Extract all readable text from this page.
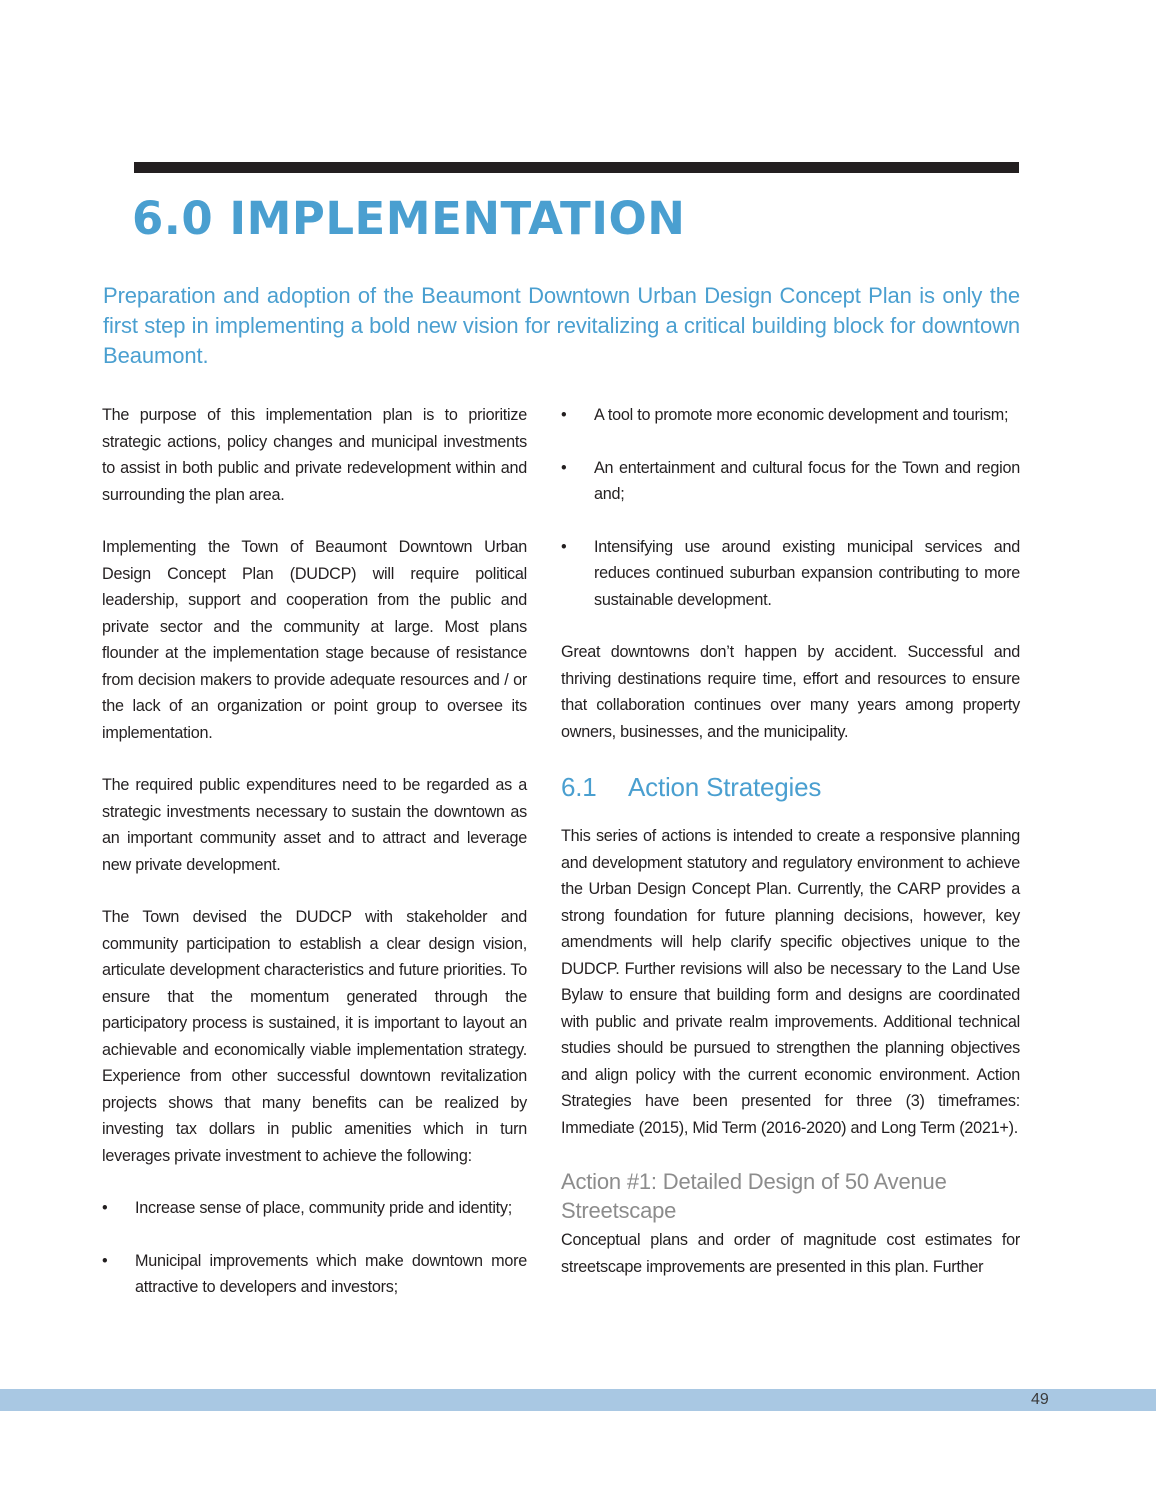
6.0 IMPLEMENTATION

Preparation and adoption of the Beaumont Downtown Urban Design Concept Plan is only the first step in implementing a bold new vision for revitalizing a critical building block for downtown Beaumont.

The purpose of this implementation plan is to prioritize strategic actions, policy changes and municipal investments to assist in both public and private redevelopment within and surrounding the plan area.

Implementing the Town of Beaumont Downtown Urban Design Concept Plan (DUDCP) will require political leadership, support and cooperation from the public and private sector and the community at large. Most plans flounder at the implementation stage because of resistance from decision makers to provide adequate resources and / or the lack of an organization or point group to oversee its implementation.

The required public expenditures need to be regarded as a strategic investments necessary to sustain the downtown as an important community asset and to attract and leverage new private development.

The Town devised the DUDCP with stakeholder and community participation to establish a clear design vision, articulate development characteristics and future priorities. To ensure that the momentum generated through the participatory process is sustained, it is important to layout an achievable and economically viable implementation strategy. Experience from other successful downtown revitalization projects shows that many benefits can be realized by investing tax dollars in public amenities which in turn leverages private investment to achieve the following:

• Increase sense of place, community pride and identity;
• Municipal improvements which make downtown more attractive to developers and investors;
• A tool to promote more economic development and tourism;
• An entertainment and cultural focus for the Town and region and;
• Intensifying use around existing municipal services and reduces continued suburban expansion contributing to more sustainable development.

Great downtowns don’t happen by accident. Successful and thriving destinations require time, effort and resources to ensure that collaboration continues over many years among property owners, businesses, and the municipality.

6.1 Action Strategies

This series of actions is intended to create a responsive planning and development statutory and regulatory environment to achieve the Urban Design Concept Plan. Currently, the CARP provides a strong foundation for future planning decisions, however, key amendments will help clarify specific objectives unique to the DUDCP. Further revisions will also be necessary to the Land Use Bylaw to ensure that building form and designs are coordinated with public and private realm improvements. Additional technical studies should be pursued to strengthen the planning objectives and align policy with the current economic environment. Action Strategies have been presented for three (3) timeframes: Immediate (2015), Mid Term (2016-2020) and Long Term (2021+).

Action #1: Detailed Design of 50 Avenue Streetscape

Conceptual plans and order of magnitude cost estimates for streetscape improvements are presented in this plan. Further

49
